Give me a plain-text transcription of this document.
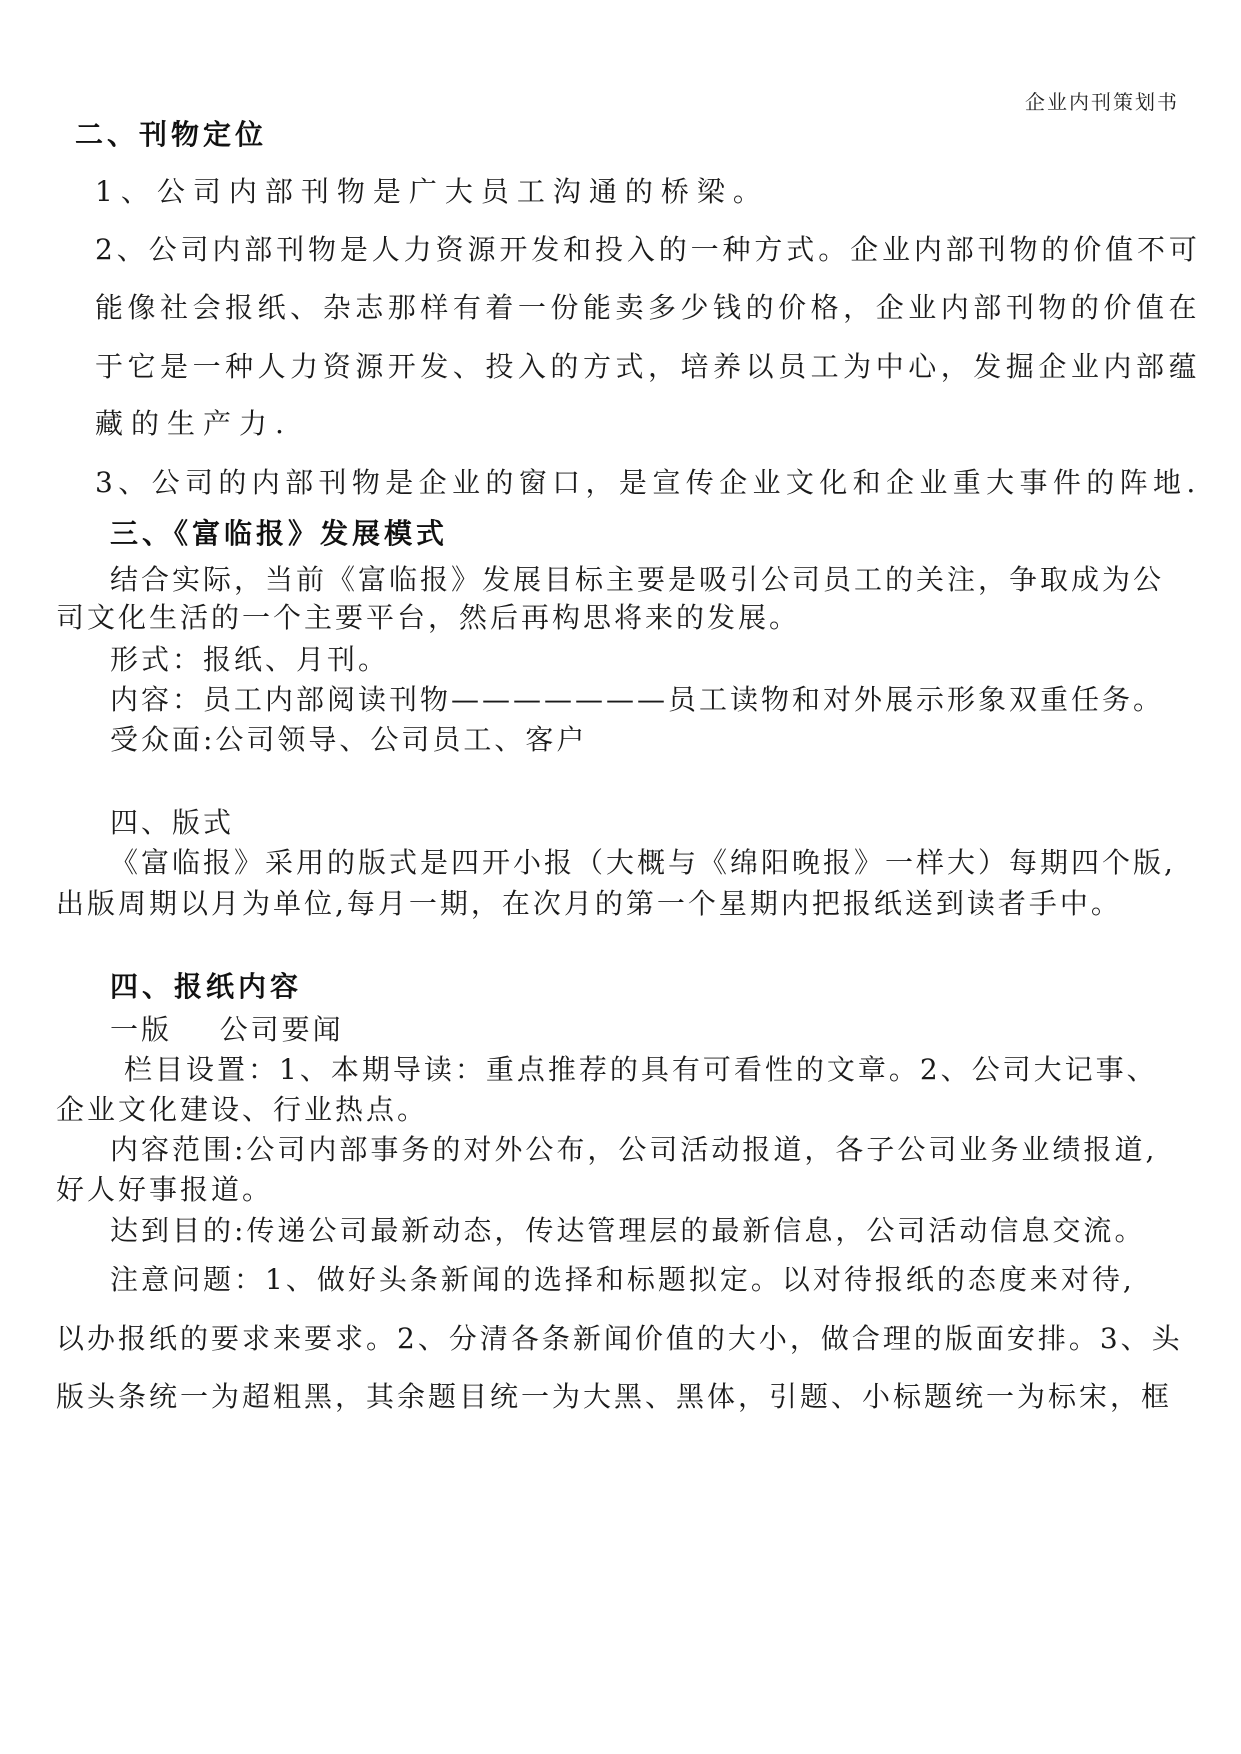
企业内刊策划书
二、刊物定位
1、公司内部刊物是广大员工沟通的桥梁。
2、公司内部刊物是人力资源开发和投入的一种方式。企业内部刊物的价值不可
能像社会报纸、杂志那样有着一份能卖多少钱的价格，企业内部刊物的价值在
于它是一种人力资源开发、投入的方式，培养以员工为中心，发掘企业内部蕴
藏的生产力.
3、公司的内部刊物是企业的窗口，是宣传企业文化和企业重大事件的阵地.
三、《富临报》发展模式
结合实际，当前《富临报》发展目标主要是吸引公司员工的关注，争取成为公
司文化生活的一个主要平台，然后再构思将来的发展。
形式：报纸、月刊。
内容：员工内部阅读刊物———————员工读物和对外展示形象双重任务。
受众面:公司领导、公司员工、客户
四、版式
《富临报》采用的版式是四开小报（大概与《绵阳晚报》一样大）每期四个版,
出版周期以月为单位,每月一期，在次月的第一个星期内把报纸送到读者手中。
四、报纸内容
一版    公司要闻
栏目设置：1、本期导读：重点推荐的具有可看性的文章。2、公司大记事、
企业文化建设、行业热点。
内容范围:公司内部事务的对外公布，公司活动报道，各子公司业务业绩报道,
好人好事报道。
达到目的:传递公司最新动态，传达管理层的最新信息，公司活动信息交流。
注意问题：1、做好头条新闻的选择和标题拟定。以对待报纸的态度来对待,
以办报纸的要求来要求。2、分清各条新闻价值的大小，做合理的版面安排。3、头
版头条统一为超粗黑，其余题目统一为大黑、黑体，引题、小标题统一为标宋，框
